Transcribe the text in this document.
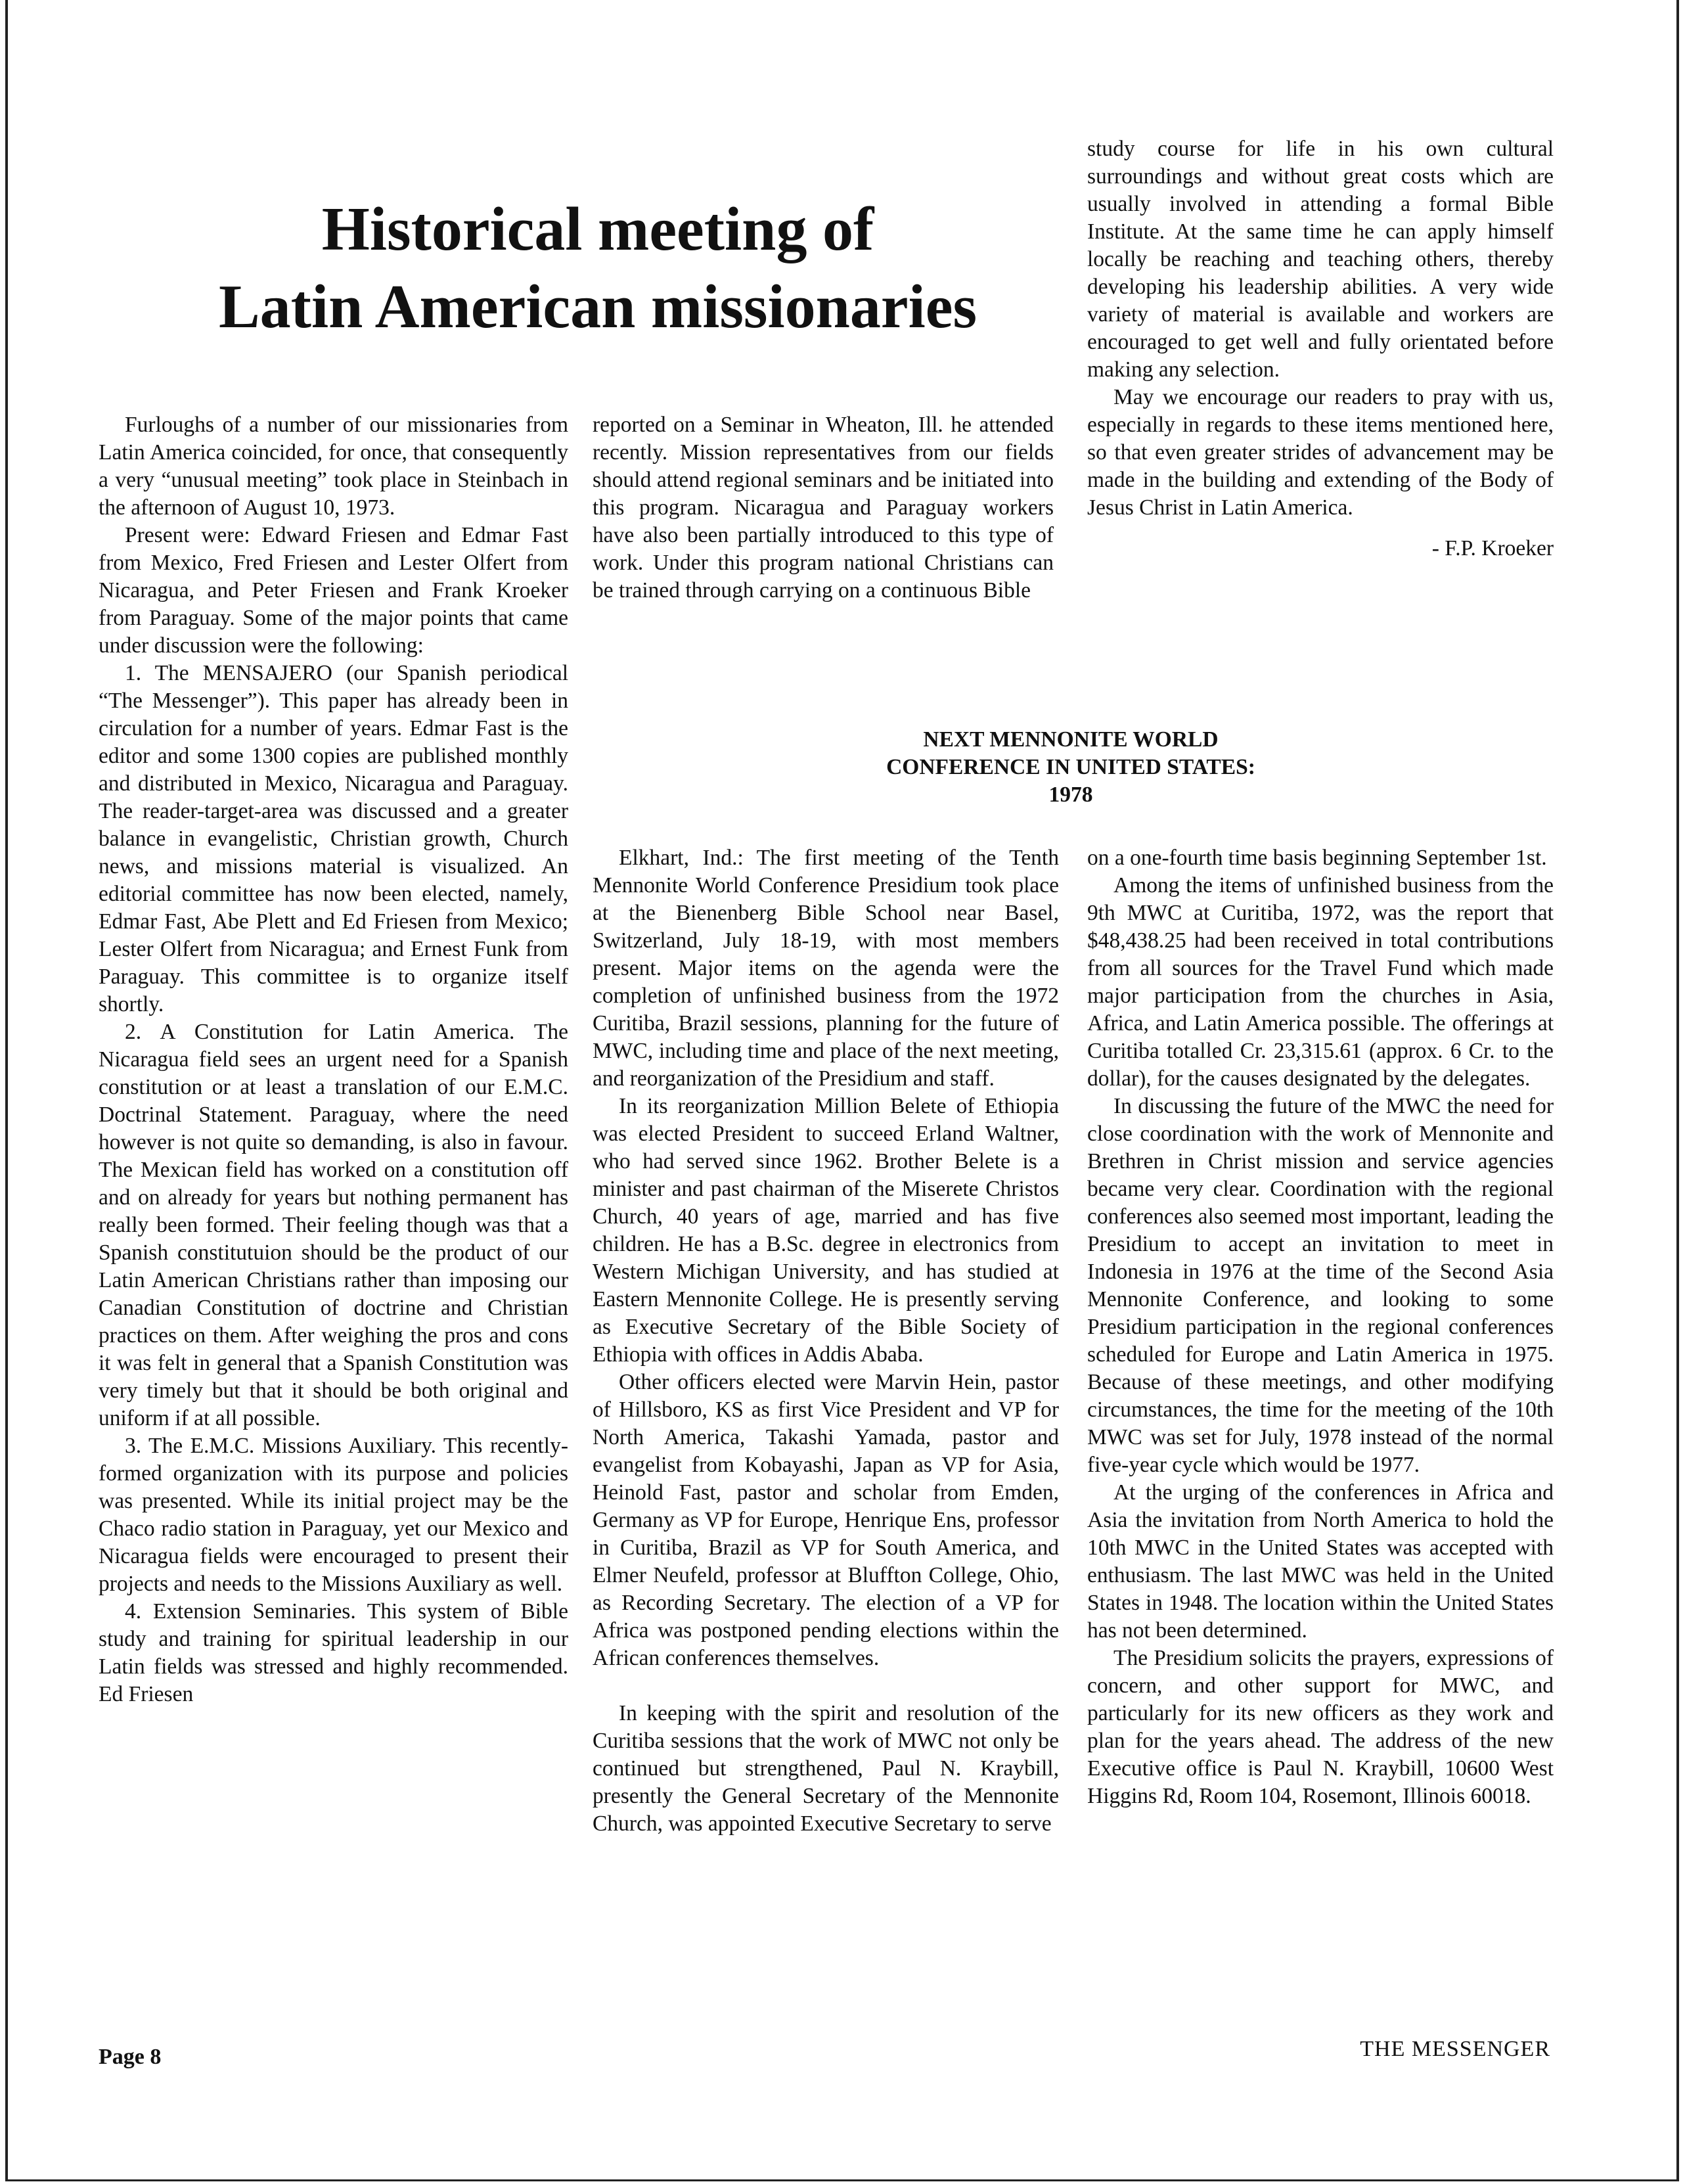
Historical meeting of
Latin American missionaries

Furloughs of a number of our missionaries from Latin America coincided, for once, that consequently a very “unusual meeting” took place in Steinbach in the afternoon of August 10, 1973.

Present were: Edward Friesen and Edmar Fast from Mexico, Fred Friesen and Lester Olfert from Nicaragua, and Peter Friesen and Frank Kroeker from Paraguay. Some of the major points that came under discussion were the following:

1. The MENSAJERO (our Spanish periodical “The Messenger”). This paper has already been in circulation for a number of years. Edmar Fast is the editor and some 1300 copies are published monthly and distributed in Mexico, Nicaragua and Paraguay. The reader-target-area was discussed and a greater balance in evangelistic, Christian growth, Church news, and missions material is visualized. An editorial committee has now been elected, namely, Edmar Fast, Abe Plett and Ed Friesen from Mexico; Lester Olfert from Nicaragua; and Ernest Funk from Paraguay. This committee is to organize itself shortly.

2. A Constitution for Latin America. The Nicaragua field sees an urgent need for a Spanish constitution or at least a translation of our E.M.C. Doctrinal Statement. Paraguay, where the need however is not quite so demanding, is also in favour. The Mexican field has worked on a constitution off and on already for years but nothing permanent has really been formed. Their feeling though was that a Spanish constitutuion should be the product of our Latin American Christians rather than imposing our Canadian Constitution of doctrine and Christian practices on them. After weighing the pros and cons it was felt in general that a Spanish Constitution was very timely but that it should be both original and uniform if at all possible.

3. The E.M.C. Missions Auxiliary. This recently-formed organization with its purpose and policies was presented. While its initial project may be the Chaco radio station in Paraguay, yet our Mexico and Nicaragua fields were encouraged to present their projects and needs to the Missions Auxiliary as well.

4. Extension Seminaries. This system of Bible study and training for spiritual leadership in our Latin fields was stressed and highly recommended. Ed Friesen

reported on a Seminar in Wheaton, Ill. he attended recently. Mission representatives from our fields should attend regional seminars and be initiated into this program. Nicaragua and Paraguay workers have also been partially introduced to this type of work. Under this program national Christians can be trained through carrying on a continuous Bible

study course for life in his own cultural surroundings and without great costs which are usually involved in attending a formal Bible Institute. At the same time he can apply himself locally be reaching and teaching others, thereby developing his leadership abilities. A very wide variety of material is available and workers are encouraged to get well and fully orientated before making any selection.

May we encourage our readers to pray with us, especially in regards to these items mentioned here, so that even greater strides of advancement may be made in the building and extending of the Body of Jesus Christ in Latin America.

- F.P. Kroeker

NEXT MENNONITE WORLD
CONFERENCE IN UNITED STATES:
1978

Elkhart, Ind.: The first meeting of the Tenth Mennonite World Conference Presidium took place at the Bienenberg Bible School near Basel, Switzerland, July 18-19, with most members present. Major items on the agenda were the completion of unfinished business from the 1972 Curitiba, Brazil sessions, planning for the future of MWC, including time and place of the next meeting, and reorganization of the Presidium and staff.

In its reorganization Million Belete of Ethiopia was elected President to succeed Erland Waltner, who had served since 1962. Brother Belete is a minister and past chairman of the Miserete Christos Church, 40 years of age, married and has five children. He has a B.Sc. degree in electronics from Western Michigan University, and has studied at Eastern Mennonite College. He is presently serving as Executive Secretary of the Bible Society of Ethiopia with offices in Addis Ababa.

Other officers elected were Marvin Hein, pastor of Hillsboro, KS as first Vice President and VP for North America, Takashi Yamada, pastor and evangelist from Kobayashi, Japan as VP for Asia, Heinold Fast, pastor and scholar from Emden, Germany as VP for Europe, Henrique Ens, professor in Curitiba, Brazil as VP for South America, and Elmer Neufeld, professor at Bluffton College, Ohio, as Recording Secretary. The election of a VP for Africa was postponed pending elections within the African conferences themselves.

In keeping with the spirit and resolution of the Curitiba sessions that the work of MWC not only be continued but strengthened, Paul N. Kraybill, presently the General Secretary of the Mennonite Church, was appointed Executive Secretary to serve

on a one-fourth time basis beginning September 1st.

Among the items of unfinished business from the 9th MWC at Curitiba, 1972, was the report that $48,438.25 had been received in total contributions from all sources for the Travel Fund which made major participation from the churches in Asia, Africa, and Latin America possible. The offerings at Curitiba totalled Cr. 23,315.61 (approx. 6 Cr. to the dollar), for the causes designated by the delegates.

In discussing the future of the MWC the need for close coordination with the work of Mennonite and Brethren in Christ mission and service agencies became very clear. Coordination with the regional conferences also seemed most important, leading the Presidium to accept an invitation to meet in Indonesia in 1976 at the time of the Second Asia Mennonite Conference, and looking to some Presidium participation in the regional conferences scheduled for Europe and Latin America in 1975. Because of these meetings, and other modifying circumstances, the time for the meeting of the 10th MWC was set for July, 1978 instead of the normal five-year cycle which would be 1977.

At the urging of the conferences in Africa and Asia the invitation from North America to hold the 10th MWC in the United States was accepted with enthusiasm. The last MWC was held in the United States in 1948. The location within the United States has not been determined.

The Presidium solicits the prayers, expressions of concern, and other support for MWC, and particularly for its new officers as they work and plan for the years ahead. The address of the new Executive office is Paul N. Kraybill, 10600 West Higgins Rd, Room 104, Rosemont, Illinois 60018.

Page 8	THE MESSENGER
